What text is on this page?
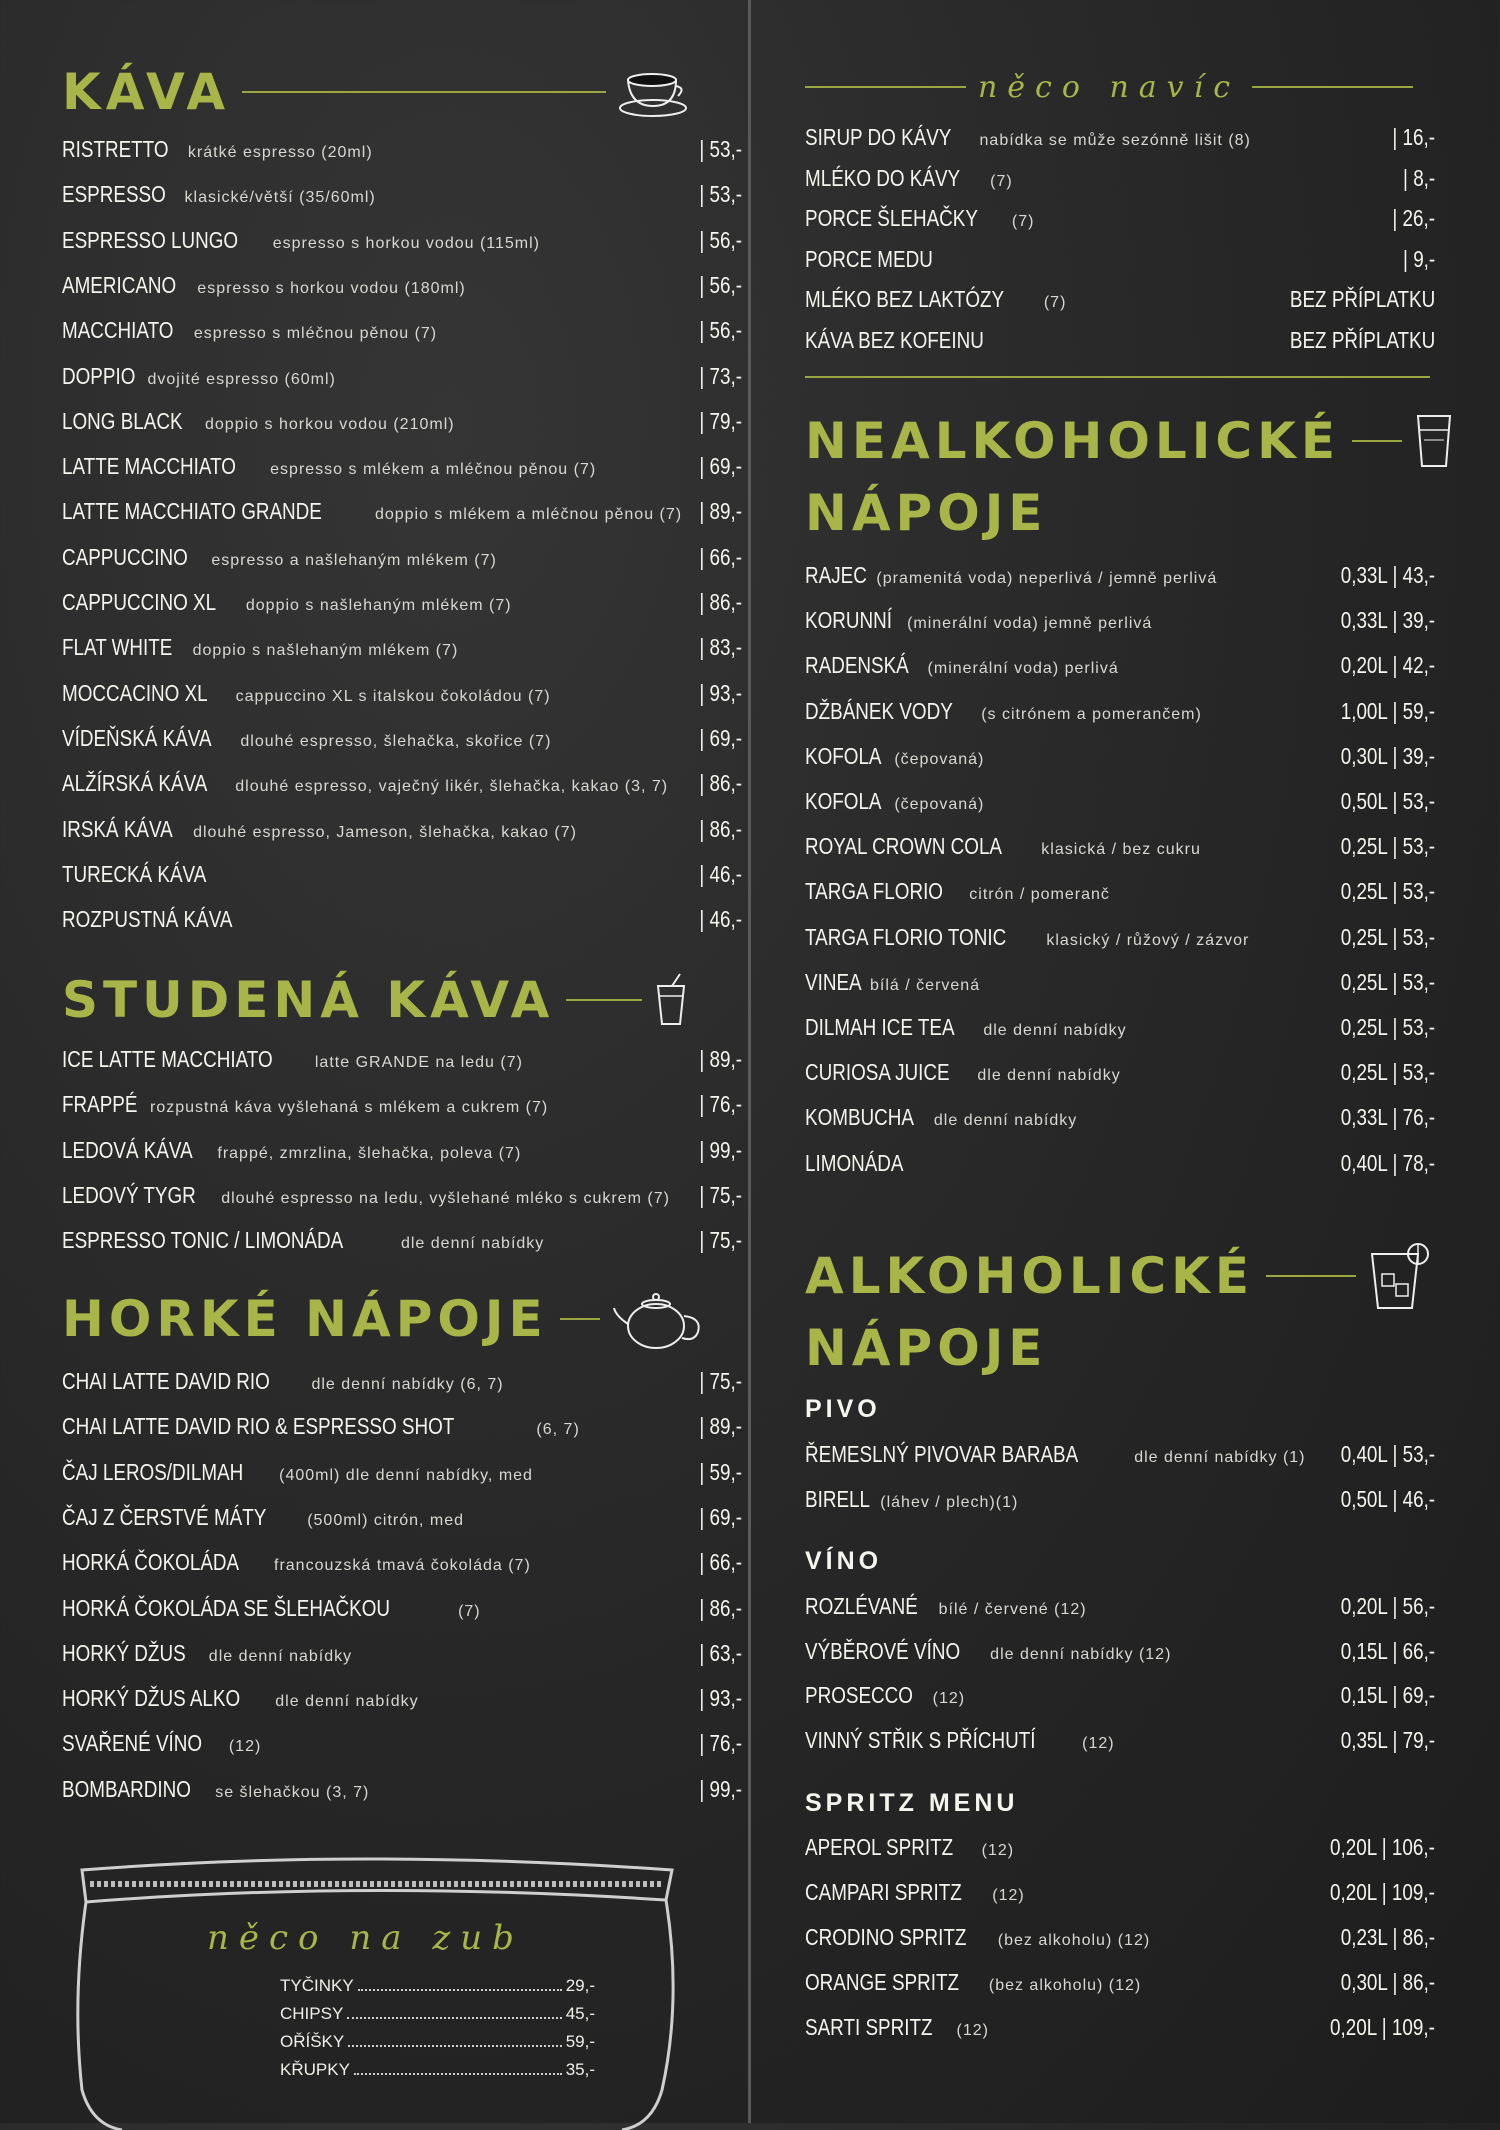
KÁVA
RISTRETTO krátké espresso (20ml)	| 53,-
ESPRESSO klasické/větší (35/60ml)	| 53,-
ESPRESSO LUNGO espresso s horkou vodou (115ml)	| 56,-
AMERICANO espresso s horkou vodou (180ml)	| 56,-
MACCHIATO espresso s mléčnou pěnou (7)	| 56,-
DOPPIO dvojité espresso (60ml)	| 73,-
LONG BLACK doppio s horkou vodou (210ml)	| 79,-
LATTE MACCHIATO espresso s mlékem a mléčnou pěnou (7)	| 69,-
LATTE MACCHIATO GRANDE	doppio s mlékem a mléčnou pěnou (7) | 89,-
CAPPUCCINO espresso a našlehaným mlékem (7)	| 66,-
CAPPUCCINO XL doppio s našlehaným mlékem (7)	| 86,-
FLAT WHITE doppio s našlehaným mlékem (7)	| 83,-
MOCCACINO XL cappuccino XL s italskou čokoládou (7)	| 93,-
VÍDEŇSKÁ KÁVA dlouhé espresso, šlehačka, skořice (7)	| 69,-
ALŽÍRSKÁ KÁVA dlouhé espresso, vaječný likér, šlehačka, kakao (3, 7) | 86,-
IRSKÁ KÁVA dlouhé espresso, Jameson, šlehačka, kakao (7)	| 86,-
TURECKÁ KÁVA	| 46,-
ROZPUSTNÁ KÁVA	| 46,-
STUDENÁ KÁVA
ICE LATTE MACCHIATO	latte GRANDE na ledu (7)	| 89,-
FRAPPÉ rozpustná káva vyšlehaná s mlékem a cukrem (7)	| 76,-
LEDOVÁ KÁVA frappé, zmrzlina, šlehačka, poleva (7)	| 99,-
LEDOVÝ TYGR dlouhé espresso na ledu, vyšlehané mléko s cukrem (7) | 75,-
ESPRESSO TONIC / LIMONÁDA	dle denní nabídky	| 75,-
HORKÉ NÁPOJE
CHAI LATTE DAVID RIO	dle denní nabídky (6, 7)	| 75,-
CHAI LATTE DAVID RIO & ESPRESSO SHOT	(6, 7)	| 89,-
ČAJ LEROS/DILMAH (400ml) dle denní nabídky, med	| 59,-
ČAJ Z ČERSTVÉ MÁTY	(500ml) citrón, med	| 69,-
HORKÁ ČOKOLÁDA francouzská tmavá čokoláda (7)	| 66,-
HORKÁ ČOKOLÁDA SE ŠLEHAČKOU	(7)	| 86,-
HORKÝ DŽUS dle denní nabídky	| 63,-
HORKÝ DŽUS ALKO dle denní nabídky	| 93,-
SVAŘENÉ VÍNO (12)	| 76,-
BOMBARDINO se šlehačkou (3, 7)	| 99,-
něco na zub
TYČINKY	29,-
CHIPSY	45,-
OŘÍŠKY	59,-
KŘUPKY	35,-
něco navíc
SIRUP DO KÁVY nabídka se může sezónně lišit (8)	| 16,-
MLÉKO DO KÁVY (7)	| 8,-
PORCE ŠLEHAČKY (7)	| 26,-
PORCE MEDU	| 9,-
MLÉKO BEZ LAKTÓZY (7)	BEZ PŘÍPLATKU
KÁVA BEZ KOFEINU	BEZ PŘÍPLATKU
NEALKOHOLICKÉ
NÁPOJE
RAJEC (pramenitá voda) neperlivá / jemně perlivá	0,33L | 43,-
KORUNNÍ (minerální voda) jemně perlivá	0,33L | 39,-
RADENSKÁ (minerální voda) perlivá	0,20L | 42,-
DŽBÁNEK VODY (s citrónem a pomerančem)	1,00L | 59,-
KOFOLA (čepovaná)	0,30L | 39,-
KOFOLA (čepovaná)	0,50L | 53,-
ROYAL CROWN COLA klasická / bez cukru	0,25L | 53,-
TARGA FLORIO citrón / pomeranč	0,25L | 53,-
TARGA FLORIO TONIC	klasický / růžový / zázvor	0,25L | 53,-
VINEA bílá / červená	0,25L | 53,-
DILMAH ICE TEA dle denní nabídky	0,25L | 53,-
CURIOSA JUICE dle denní nabídky	0,25L | 53,-
KOMBUCHA dle denní nabídky	0,33L | 76,-
LIMONÁDA	0,40L | 78,-
ALKOHOLICKÉ
NÁPOJE
PIVO
ŘEMESLNÝ PIVOVAR BARABA	dle denní nabídky (1) 0,40L | 53,-
BIRELL (láhev / plech)(1)	0,50L | 46,-
VÍNO
ROZLÉVANÉ bílé / červené (12)	0,20L | 56,-
VÝBĚROVÉ VÍNO dle denní nabídky (12)	0,15L | 66,-
PROSECCO (12)	0,15L | 69,-
VINNÝ STŘIK S PŘÍCHUTÍ	(12)	0,35L | 79,-
SPRITZ MENU
APEROL SPRITZ (12)	0,20L | 106,-
CAMPARI SPRITZ (12)	0,20L | 109,-
CRODINO SPRITZ (bez alkoholu) (12)	0,23L | 86,-
ORANGE SPRITZ (bez alkoholu) (12)	0,30L | 86,-
SARTI SPRITZ (12)	0,20L | 109,-
